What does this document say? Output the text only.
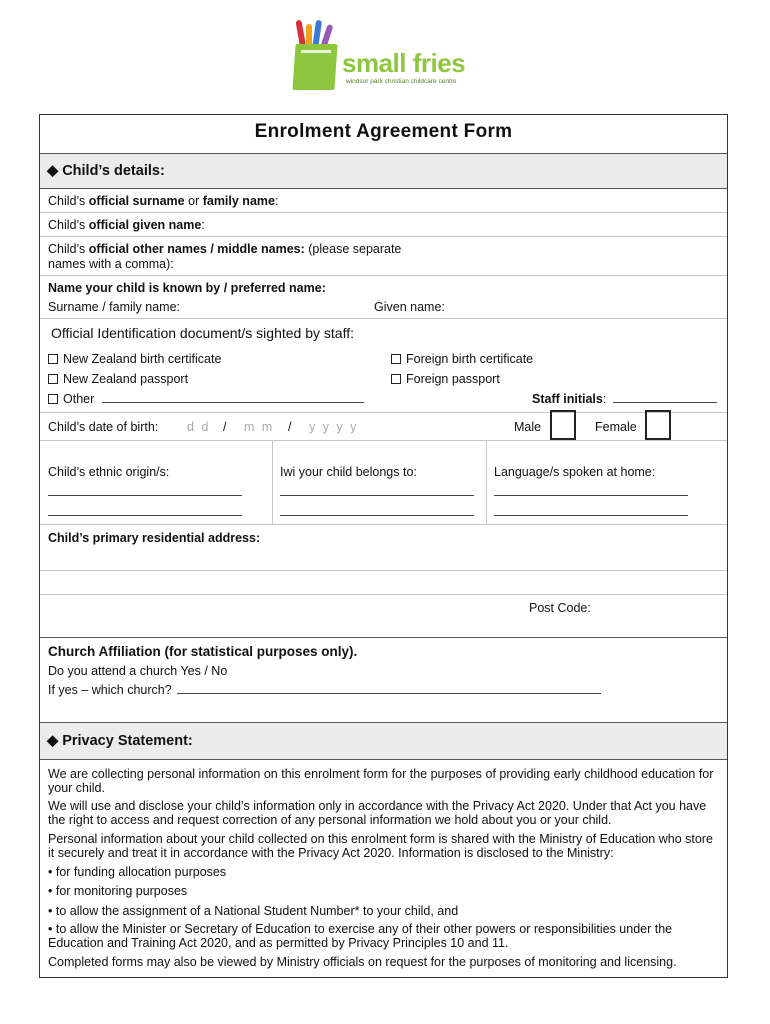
small fries
windsor park christian childcare centre
Enrolment Agreement Form
◆ Child’s details:
Child’s official surname or family name:
Child’s official given name:
Child’s official other names / middle names: (please separate
names with a comma):
Name your child is known by / preferred name:
Surname / family name:	Given name:
Official Identification document/s sighted by staff:
New Zealand birth certificate	Foreign birth certificate
New Zealand passport	Foreign passport
Other	Staff initials:
Child’s date of birth: d d / m m / y y y y	Male	Female
Child’s ethnic origin/s:	Iwi your child belongs to:	Language/s spoken at home:
Child’s primary residential address:
Post Code:
Church Affiliation (for statistical purposes only).
Do you attend a church Yes / No
If yes – which church?
◆ Privacy Statement:
We are collecting personal information on this enrolment form for the purposes of providing early childhood education for your child.
We will use and disclose your child’s information only in accordance with the Privacy Act 2020. Under that Act you have the right to access and request correction of any personal information we hold about you or your child.
Personal information about your child collected on this enrolment form is shared with the Ministry of Education who store it securely and treat it in accordance with the Privacy Act 2020. Information is disclosed to the Ministry:
• for funding allocation purposes
• for monitoring purposes
• to allow the assignment of a National Student Number* to your child, and
• to allow the Minister or Secretary of Education to exercise any of their other powers or responsibilities under the Education and Training Act 2020, and as permitted by Privacy Principles 10 and 11.
Completed forms may also be viewed by Ministry officials on request for the purposes of monitoring and licensing.
